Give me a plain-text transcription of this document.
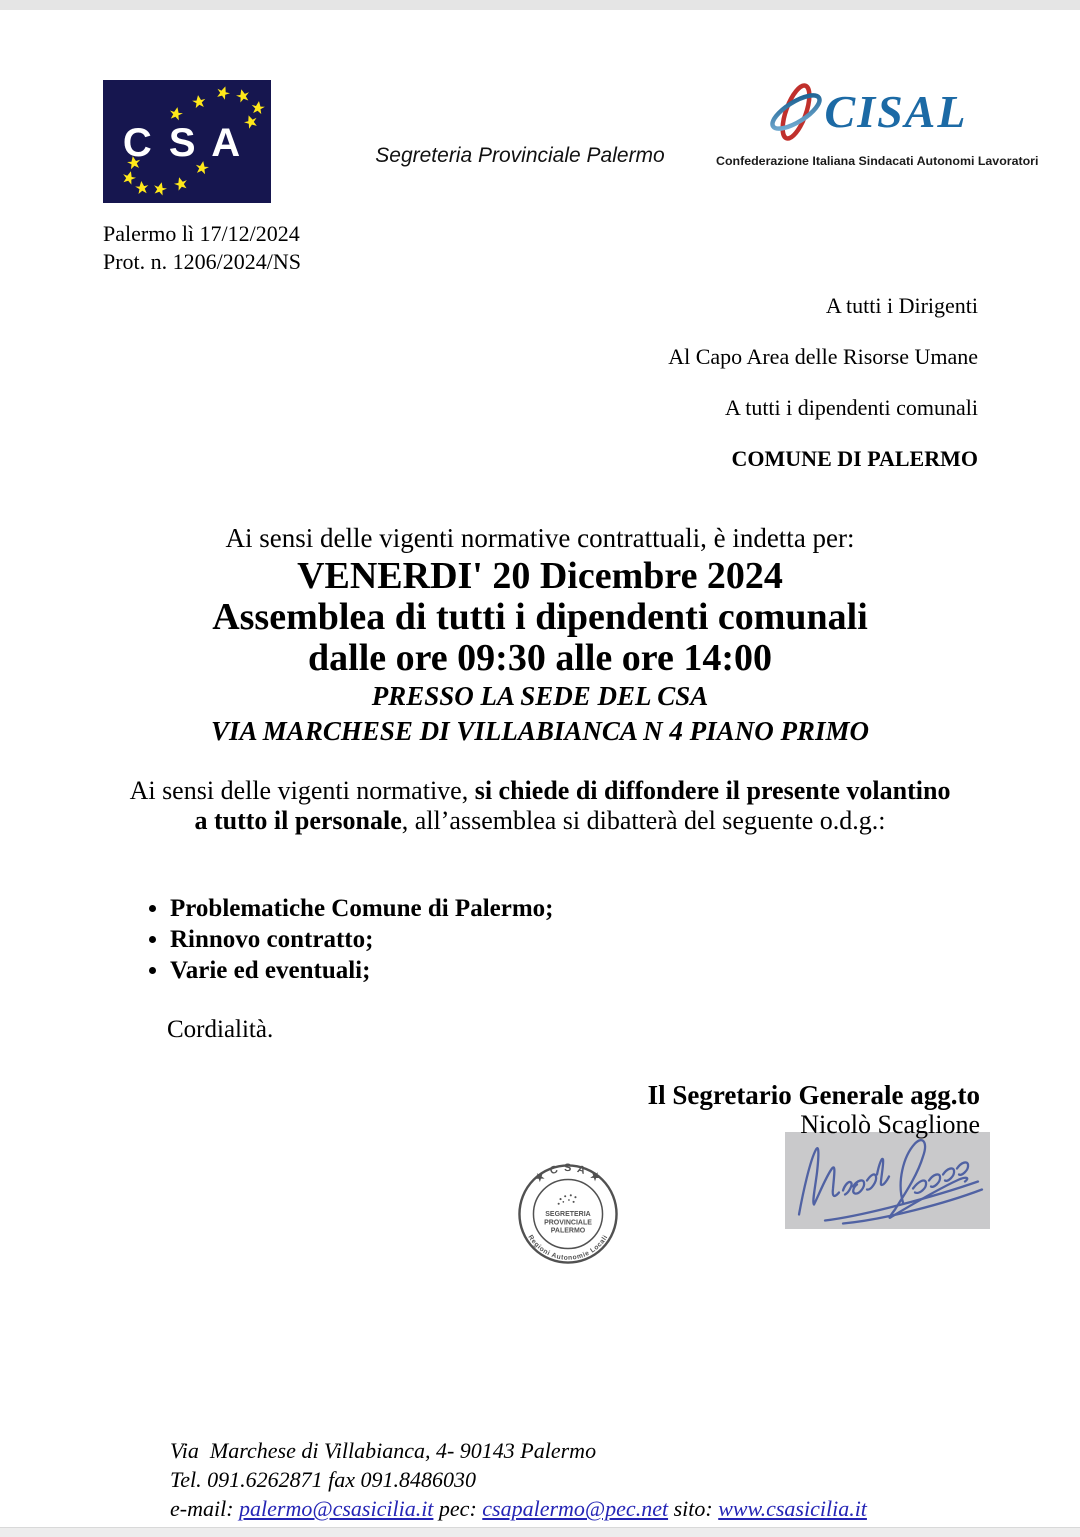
C S A	Segreteria Provinciale Palermo
CISAL
Confederazione Italiana Sindacati Autonomi Lavoratori

Palermo lì 17/12/2024

Prot. n. 1206/2024/NS

A tutti i Dirigenti

Al Capo Area delle Risorse Umane

A tutti i dipendenti comunali

COMUNE DI PALERMO

Ai sensi delle vigenti normative contrattuali, è indetta per:

VENERDI' 20 Dicembre 2024

Assemblea di tutti i dipendenti comunali

dalle ore 09:30 alle ore 14:00

PRESSO LA SEDE DEL CSA

VIA MARCHESE DI VILLABIANCA N 4 PIANO PRIMO

Ai sensi delle vigenti normative, si chiede di diffondere il presente volantino a tutto il personale, all’assemblea si dibatterà del seguente o.d.g.:

• Problematiche Comune di Palermo;
• Rinnovo contratto;
• Varie ed eventuali;

Cordialità.

Il Segretario Generale agg.to

Nicolò Scaglione

★ C S A ★
Regioni Autonomie Locali
SEGRETERIA
PROVINCIALE
PALERMO

Via  Marchese di Villabianca, 4- 90143 Palermo

Tel. 091.6262871 fax 091.8486030

e-mail: palermo@csasicilia.it pec: csapalermo@pec.net sito: www.csasicilia.it
